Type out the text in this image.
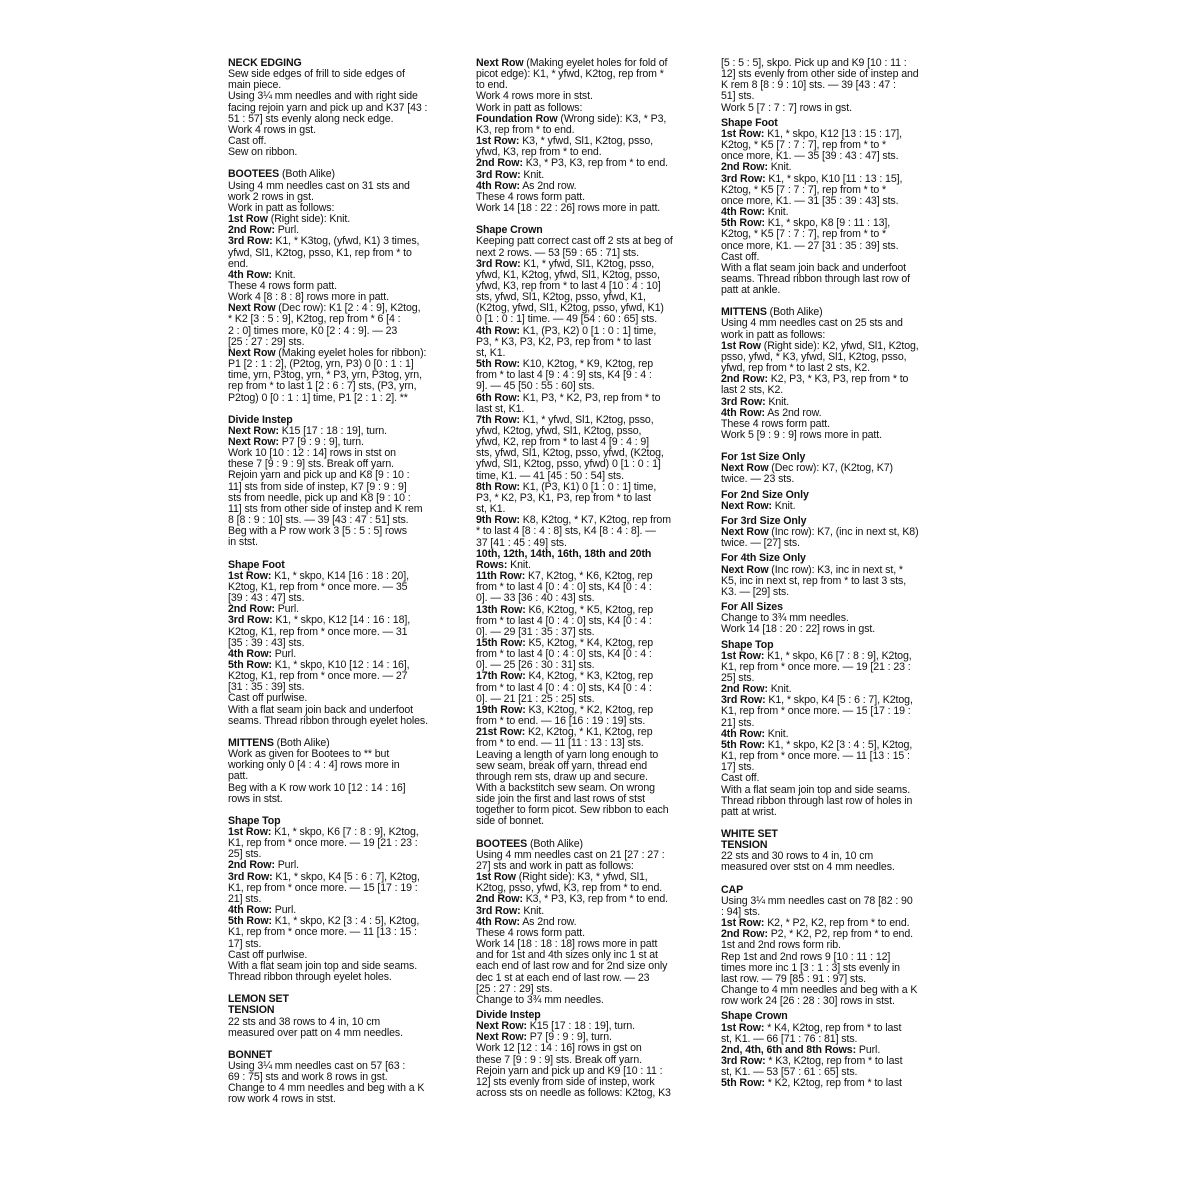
NECK EDGING
Sew side edges of frill to side edges of
main piece.
Using 3¼ mm needles and with right side
facing rejoin yarn and pick up and K37 [43 :
51 : 57] sts evenly along neck edge.
Work 4 rows in gst.
Cast off.
Sew on ribbon.
BOOTEES (Both Alike)
Using 4 mm needles cast on 31 sts and
work 2 rows in gst.
Work in patt as follows:
1st Row (Right side): Knit.
2nd Row: Purl.
3rd Row: K1, * K3tog, (yfwd, K1) 3 times,
yfwd, Sl1, K2tog, psso, K1, rep from * to
end.
4th Row: Knit.
These 4 rows form patt.
Work 4 [8 : 8 : 8] rows more in patt.
Next Row (Dec row): K1 [2 : 4 : 9], K2tog,
* K2 [3 : 5 : 9], K2tog, rep from * 6 [4 :
2 : 0] times more, K0 [2 : 4 : 9]. — 23
[25 : 27 : 29] sts.
Next Row (Making eyelet holes for ribbon):
P1 [2 : 1 : 2], (P2tog, yrn, P3) 0 [0 : 1 : 1]
time, yrn, P3tog, yrn, * P3, yrn, P3tog, yrn,
rep from * to last 1 [2 : 6 : 7] sts, (P3, yrn,
P2tog) 0 [0 : 1 : 1] time, P1 [2 : 1 : 2]. **
Divide Instep
Next Row: K15 [17 : 18 : 19], turn.
Next Row: P7 [9 : 9 : 9], turn.
Work 10 [10 : 12 : 14] rows in stst on
these 7 [9 : 9 : 9] sts. Break off yarn.
Rejoin yarn and pick up and K8 [9 : 10 :
11] sts from side of instep, K7 [9 : 9 : 9]
sts from needle, pick up and K8 [9 : 10 :
11] sts from other side of instep and K rem
8 [8 : 9 : 10] sts. — 39 [43 : 47 : 51] sts.
Beg with a P row work 3 [5 : 5 : 5] rows
in stst.
Shape Foot
1st Row: K1, * skpo, K14 [16 : 18 : 20],
K2tog, K1, rep from * once more. — 35
[39 : 43 : 47] sts.
2nd Row: Purl.
3rd Row: K1, * skpo, K12 [14 : 16 : 18],
K2tog, K1, rep from * once more. — 31
[35 : 39 : 43] sts.
4th Row: Purl.
5th Row: K1, * skpo, K10 [12 : 14 : 16],
K2tog, K1, rep from * once more. — 27
[31 : 35 : 39] sts.
Cast off purlwise.
With a flat seam join back and underfoot
seams. Thread ribbon through eyelet holes.
MITTENS (Both Alike)
Work as given for Bootees to ** but
working only 0 [4 : 4 : 4] rows more in
patt.
Beg with a K row work 10 [12 : 14 : 16]
rows in stst.
Shape Top
1st Row: K1, * skpo, K6 [7 : 8 : 9], K2tog,
K1, rep from * once more. — 19 [21 : 23 :
25] sts.
2nd Row: Purl.
3rd Row: K1, * skpo, K4 [5 : 6 : 7], K2tog,
K1, rep from * once more. — 15 [17 : 19 :
21] sts.
4th Row: Purl.
5th Row: K1, * skpo, K2 [3 : 4 : 5], K2tog,
K1, rep from * once more. — 11 [13 : 15 :
17] sts.
Cast off purlwise.
With a flat seam join top and side seams.
Thread ribbon through eyelet holes.
LEMON SET
TENSION
22 sts and 38 rows to 4 in, 10 cm
measured over patt on 4 mm needles.
BONNET
Using 3¼ mm needles cast on 57 [63 :
69 : 75] sts and work 8 rows in gst.
Change to 4 mm needles and beg with a K
row work 4 rows in stst.
Next Row (Making eyelet holes for fold of
picot edge): K1, * yfwd, K2tog, rep from *
to end.
Work 4 rows more in stst.
Work in patt as follows:
Foundation Row (Wrong side): K3, * P3,
K3, rep from * to end.
1st Row: K3, * yfwd, Sl1, K2tog, psso,
yfwd, K3, rep from * to end.
2nd Row: K3, * P3, K3, rep from * to end.
3rd Row: Knit.
4th Row: As 2nd row.
These 4 rows form patt.
Work 14 [18 : 22 : 26] rows more in patt.
Shape Crown
Keeping patt correct cast off 2 sts at beg of
next 2 rows. — 53 [59 : 65 : 71] sts.
3rd Row: K1, * yfwd, Sl1, K2tog, psso,
yfwd, K1, K2tog, yfwd, Sl1, K2tog, psso,
yfwd, K3, rep from * to last 4 [10 : 4 : 10]
sts, yfwd, Sl1, K2tog, psso, yfwd, K1,
(K2tog, yfwd, Sl1, K2tog, psso, yfwd, K1)
0 [1 : 0 : 1] time. — 49 [54 : 60 : 65] sts.
4th Row: K1, (P3, K2) 0 [1 : 0 : 1] time,
P3, * K3, P3, K2, P3, rep from * to last
st, K1.
5th Row: K10, K2tog, * K9, K2tog, rep
from * to last 4 [9 : 4 : 9] sts, K4 [9 : 4 :
9]. — 45 [50 : 55 : 60] sts.
6th Row: K1, P3, * K2, P3, rep from * to
last st, K1.
7th Row: K1, * yfwd, Sl1, K2tog, psso,
yfwd, K2tog, yfwd, Sl1, K2tog, psso,
yfwd, K2, rep from * to last 4 [9 : 4 : 9]
sts, yfwd, Sl1, K2tog, psso, yfwd, (K2tog,
yfwd, Sl1, K2tog, psso, yfwd) 0 [1 : 0 : 1]
time, K1. — 41 [45 : 50 : 54] sts.
8th Row: K1, (P3, K1) 0 [1 : 0 : 1] time,
P3, * K2, P3, K1, P3, rep from * to last
st, K1.
9th Row: K8, K2tog, * K7, K2tog, rep from
* to last 4 [8 : 4 : 8] sts, K4 [8 : 4 : 8]. —
37 [41 : 45 : 49] sts.
10th, 12th, 14th, 16th, 18th and 20th
Rows: Knit.
11th Row: K7, K2tog, * K6, K2tog, rep
from * to last 4 [0 : 4 : 0] sts, K4 [0 : 4 :
0]. — 33 [36 : 40 : 43] sts.
13th Row: K6, K2tog, * K5, K2tog, rep
from * to last 4 [0 : 4 : 0] sts, K4 [0 : 4 :
0]. — 29 [31 : 35 : 37] sts.
15th Row: K5, K2tog, * K4, K2tog, rep
from * to last 4 [0 : 4 : 0] sts, K4 [0 : 4 :
0]. — 25 [26 : 30 : 31] sts.
17th Row: K4, K2tog, * K3, K2tog, rep
from * to last 4 [0 : 4 : 0] sts, K4 [0 : 4 :
0]. — 21 [21 : 25 : 25] sts.
19th Row: K3, K2tog, * K2, K2tog, rep
from * to end. — 16 [16 : 19 : 19] sts.
21st Row: K2, K2tog, * K1, K2tog, rep
from * to end. — 11 [11 : 13 : 13] sts.
Leaving a length of yarn long enough to
sew seam, break off yarn, thread end
through rem sts, draw up and secure.
With a backstitch sew seam. On wrong
side join the first and last rows of stst
together to form picot. Sew ribbon to each
side of bonnet.
BOOTEES (Both Alike)
Using 4 mm needles cast on 21 [27 : 27 :
27] sts and work in patt as follows:
1st Row (Right side): K3, * yfwd, Sl1,
K2tog, psso, yfwd, K3, rep from * to end.
2nd Row: K3, * P3, K3, rep from * to end.
3rd Row: Knit.
4th Row: As 2nd row.
These 4 rows form patt.
Work 14 [18 : 18 : 18] rows more in patt
and for 1st and 4th sizes only inc 1 st at
each end of last row and for 2nd size only
dec 1 st at each end of last row. — 23
[25 : 27 : 29] sts.
Change to 3¾ mm needles.
Divide Instep
Next Row: K15 [17 : 18 : 19], turn.
Next Row: P7 [9 : 9 : 9], turn.
Work 12 [12 : 14 : 16] rows in gst on
these 7 [9 : 9 : 9] sts. Break off yarn.
Rejoin yarn and pick up and K9 [10 : 11 :
12] sts evenly from side of instep, work
across sts on needle as follows: K2tog, K3
[5 : 5 : 5], skpo. Pick up and K9 [10 : 11 :
12] sts evenly from other side of instep and
K rem 8 [8 : 9 : 10] sts. — 39 [43 : 47 :
51] sts.
Work 5 [7 : 7 : 7] rows in gst.
Shape Foot
1st Row: K1, * skpo, K12 [13 : 15 : 17],
K2tog, * K5 [7 : 7 : 7], rep from * to *
once more, K1. — 35 [39 : 43 : 47] sts.
2nd Row: Knit.
3rd Row: K1, * skpo, K10 [11 : 13 : 15],
K2tog, * K5 [7 : 7 : 7], rep from * to *
once more, K1. — 31 [35 : 39 : 43] sts.
4th Row: Knit.
5th Row: K1, * skpo, K8 [9 : 11 : 13],
K2tog, * K5 [7 : 7 : 7], rep from * to *
once more, K1. — 27 [31 : 35 : 39] sts.
Cast off.
With a flat seam join back and underfoot
seams. Thread ribbon through last row of
patt at ankle.
MITTENS (Both Alike)
Using 4 mm needles cast on 25 sts and
work in patt as follows:
1st Row (Right side): K2, yfwd, Sl1, K2tog,
psso, yfwd, * K3, yfwd, Sl1, K2tog, psso,
yfwd, rep from * to last 2 sts, K2.
2nd Row: K2, P3, * K3, P3, rep from * to
last 2 sts, K2.
3rd Row: Knit.
4th Row: As 2nd row.
These 4 rows form patt.
Work 5 [9 : 9 : 9] rows more in patt.
For 1st Size Only
Next Row (Dec row): K7, (K2tog, K7)
twice. — 23 sts.
For 2nd Size Only
Next Row: Knit.
For 3rd Size Only
Next Row (Inc row): K7, (inc in next st, K8)
twice. — [27] sts.
For 4th Size Only
Next Row (Inc row): K3, inc in next st, *
K5, inc in next st, rep from * to last 3 sts,
K3. — [29] sts.
For All Sizes
Change to 3¾ mm needles.
Work 14 [18 : 20 : 22] rows in gst.
Shape Top
1st Row: K1, * skpo, K6 [7 : 8 : 9], K2tog,
K1, rep from * once more. — 19 [21 : 23 :
25] sts.
2nd Row: Knit.
3rd Row: K1, * skpo, K4 [5 : 6 : 7], K2tog,
K1, rep from * once more. — 15 [17 : 19 :
21] sts.
4th Row: Knit.
5th Row: K1, * skpo, K2 [3 : 4 : 5], K2tog,
K1, rep from * once more. — 11 [13 : 15 :
17] sts.
Cast off.
With a flat seam join top and side seams.
Thread ribbon through last row of holes in
patt at wrist.
WHITE SET
TENSION
22 sts and 30 rows to 4 in, 10 cm
measured over stst on 4 mm needles.
CAP
Using 3¼ mm needles cast on 78 [82 : 90
: 94] sts.
1st Row: K2, * P2, K2, rep from * to end.
2nd Row: P2, * K2, P2, rep from * to end.
1st and 2nd rows form rib.
Rep 1st and 2nd rows 9 [10 : 11 : 12]
times more inc 1 [3 : 1 : 3] sts evenly in
last row. — 79 [85 : 91 : 97] sts.
Change to 4 mm needles and beg with a K
row work 24 [26 : 28 : 30] rows in stst.
Shape Crown
1st Row: * K4, K2tog, rep from * to last
st, K1. — 66 [71 : 76 : 81] sts.
2nd, 4th, 6th and 8th Rows: Purl.
3rd Row: * K3, K2tog, rep from * to last
st, K1. — 53 [57 : 61 : 65] sts.
5th Row: * K2, K2tog, rep from * to last
